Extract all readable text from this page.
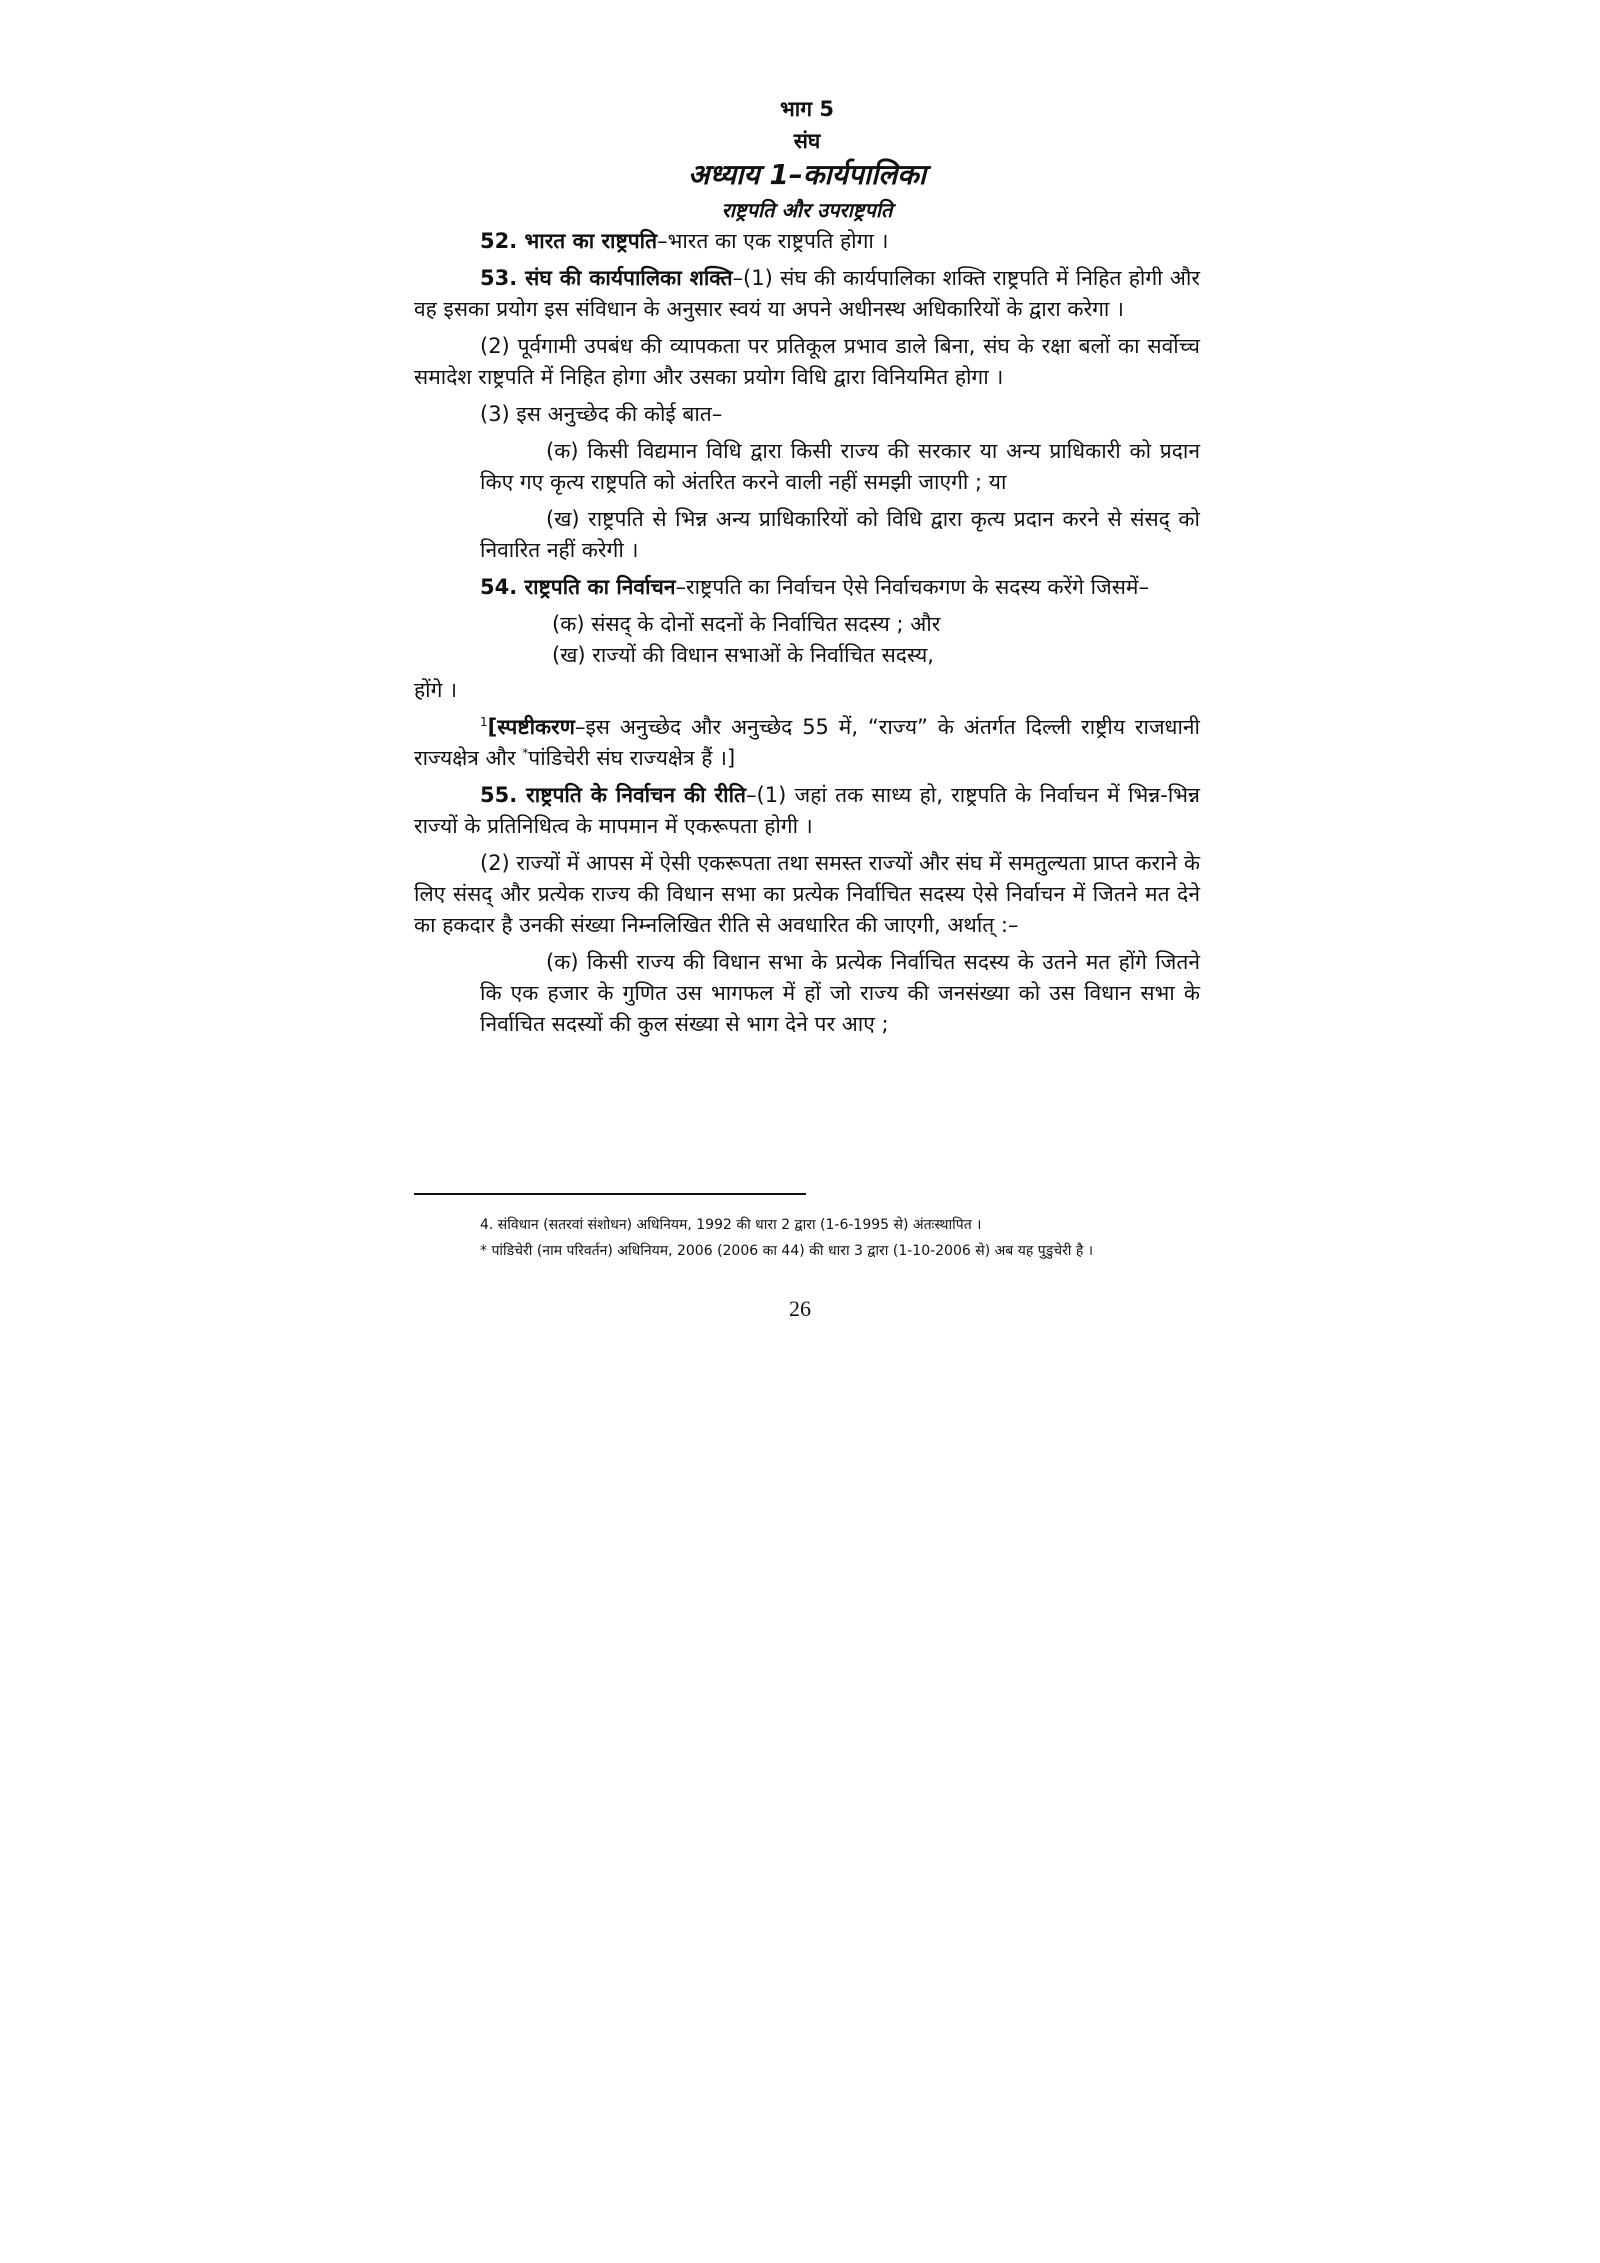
भाग 5
संघ
अध्याय 1–कार्यपालिका
राष्ट्रपति और उपराष्ट्रपति

52. भारत का राष्ट्रपति–भारत का एक राष्ट्रपति होगा ।

53. संघ की कार्यपालिका शक्ति–(1) संघ की कार्यपालिका शक्ति राष्ट्रपति में निहित होगी और वह इसका प्रयोग इस संविधान के अनुसार स्वयं या अपने अधीनस्थ अधिकारियों के द्वारा करेगा ।

(2) पूर्वगामी उपबंध की व्यापकता पर प्रतिकूल प्रभाव डाले बिना, संघ के रक्षा बलों का सर्वोच्च समादेश राष्ट्रपति में निहित होगा और उसका प्रयोग विधि द्वारा विनियमित होगा ।

(3) इस अनुच्छेद की कोई बात–

(क) किसी विद्यमान विधि द्वारा किसी राज्य की सरकार या अन्य प्राधिकारी को प्रदान किए गए कृत्य राष्ट्रपति को अंतरित करने वाली नहीं समझी जाएगी ; या

(ख) राष्ट्रपति से भिन्न अन्य प्राधिकारियों को विधि द्वारा कृत्य प्रदान करने से संसद् को निवारित नहीं करेगी ।

54. राष्ट्रपति का निर्वाचन–राष्ट्रपति का निर्वाचन ऐसे निर्वाचकगण के सदस्य करेंगे जिसमें–

(क) संसद् के दोनों सदनों के निर्वाचित सदस्य ; और

(ख) राज्यों की विधान सभाओं के निर्वाचित सदस्य,

होंगे ।

$^1$[स्पष्टीकरण–इस अनुच्छेद और अनुच्छेद 55 में, “राज्य” के अंतर्गत दिल्ली राष्ट्रीय राजधानी राज्यक्षेत्र और *पांडिचेरी संघ राज्यक्षेत्र हैं ।]

55. राष्ट्रपति के निर्वाचन की रीति–(1) जहां तक साध्य हो, राष्ट्रपति के निर्वाचन में भिन्न-भिन्न राज्यों के प्रतिनिधित्व के मापमान में एकरूपता होगी ।

(2) राज्यों में आपस में ऐसी एकरूपता तथा समस्त राज्यों और संघ में समतुल्यता प्राप्त कराने के लिए संसद् और प्रत्येक राज्य की विधान सभा का प्रत्येक निर्वाचित सदस्य ऐसे निर्वाचन में जितने मत देने का हकदार है उनकी संख्या निम्नलिखित रीति से अवधारित की जाएगी, अर्थात् :–

(क) किसी राज्य की विधान सभा के प्रत्येक निर्वाचित सदस्य के उतने मत होंगे जितने कि एक हजार के गुणित उस भागफल में हों जो राज्य की जनसंख्या को उस विधान सभा के निर्वाचित सदस्यों की कुल संख्या से भाग देने पर आए ;

4. संविधान (सतरवां संशोधन) अधिनियम, 1992 की धारा 2 द्वारा (1-6-1995 से) अंतःस्थापित ।

* पांडिचेरी (नाम परिवर्तन) अधिनियम, 2006 (2006 का 44) की धारा 3 द्वारा (1-10-2006 से) अब यह पुडुचेरी है ।

26
